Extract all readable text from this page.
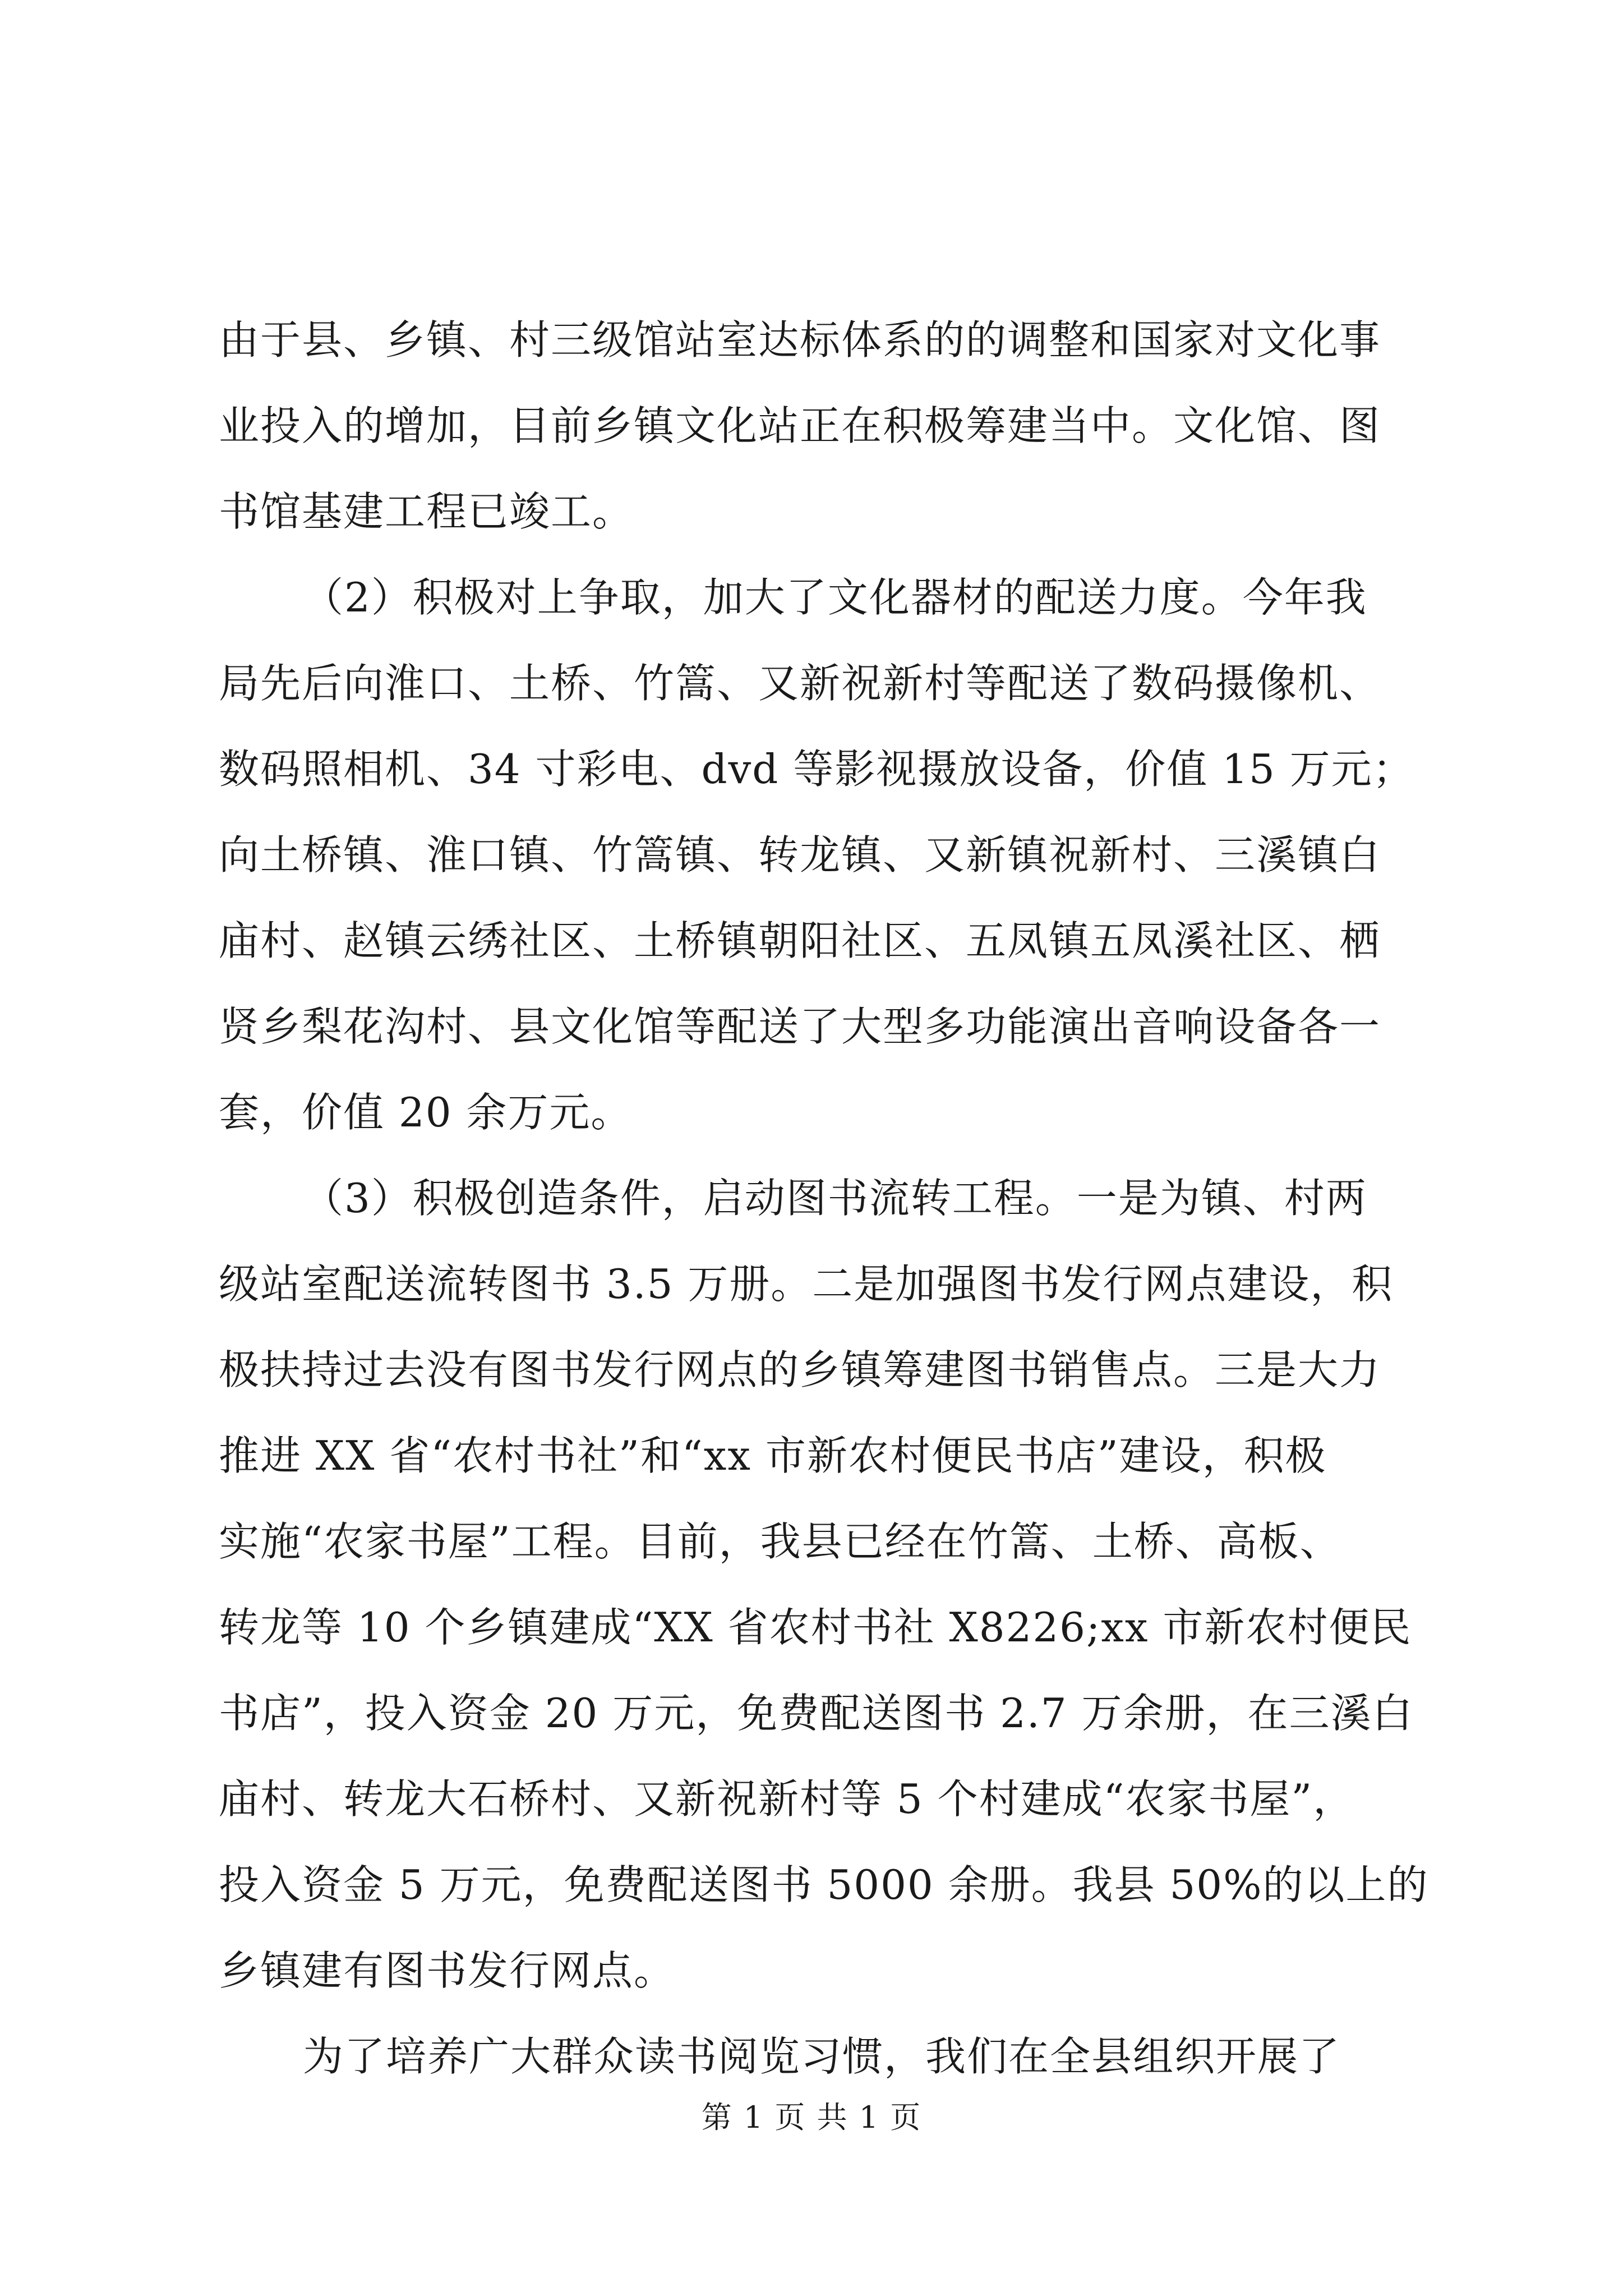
由于县、乡镇、村三级馆站室达标体系的的调整和国家对文化事
业投入的增加，目前乡镇文化站正在积极筹建当中。文化馆、图
书馆基建工程已竣工。
（2）积极对上争取，加大了文化器材的配送力度。今年我
局先后向淮口、土桥、竹篙、又新祝新村等配送了数码摄像机、
数码照相机、34 寸彩电、dvd 等影视摄放设备，价值 15 万元；
向土桥镇、淮口镇、竹篙镇、转龙镇、又新镇祝新村、三溪镇白
庙村、赵镇云绣社区、土桥镇朝阳社区、五凤镇五凤溪社区、栖
贤乡梨花沟村、县文化馆等配送了大型多功能演出音响设备各一
套，价值 20 余万元。
（3）积极创造条件，启动图书流转工程。一是为镇、村两
级站室配送流转图书 3.5 万册。二是加强图书发行网点建设，积
极扶持过去没有图书发行网点的乡镇筹建图书销售点。三是大力
推进 XX 省“农村书社”和“xx 市新农村便民书店”建设，积极
实施“农家书屋”工程。目前，我县已经在竹篙、土桥、高板、
转龙等 10 个乡镇建成“XX 省农村书社 X8226;xx 市新农村便民
书店”，投入资金 20 万元，免费配送图书 2.7 万余册，在三溪白
庙村、转龙大石桥村、又新祝新村等 5 个村建成“农家书屋”，
投入资金 5 万元，免费配送图书 5000 余册。我县 50%的以上的
乡镇建有图书发行网点。
为了培养广大群众读书阅览习惯，我们在全县组织开展了
第 1 页 共 1 页
